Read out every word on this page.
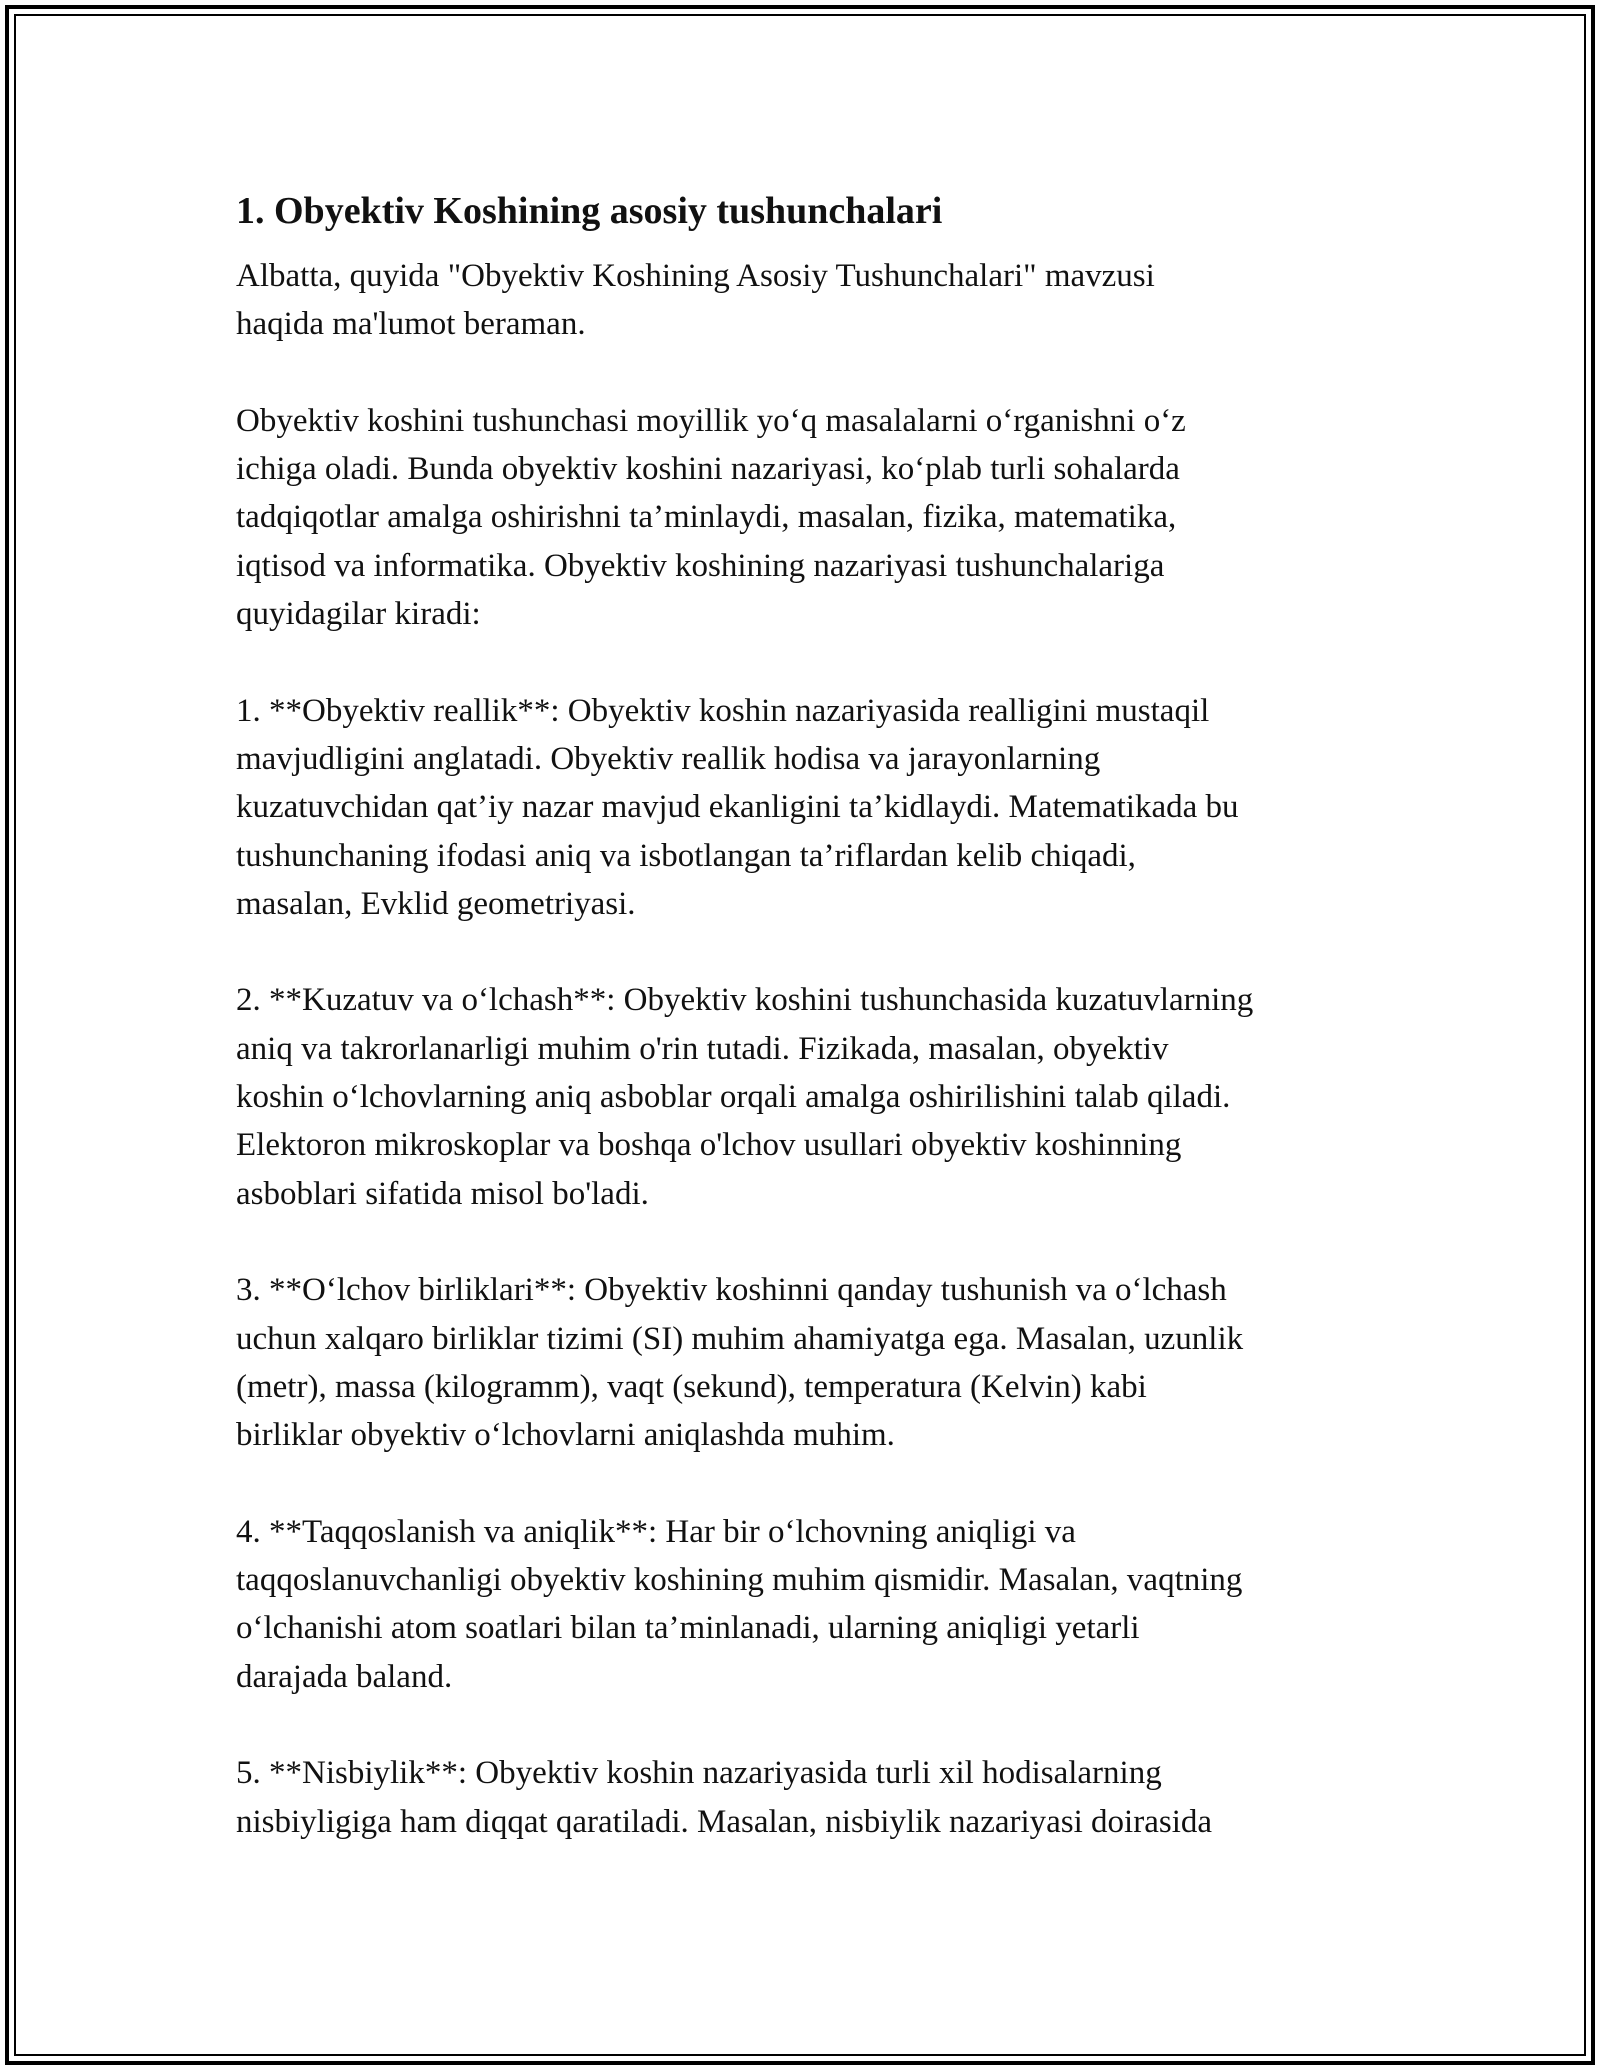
1. Obyektiv Koshining asosiy tushunchalari
Albatta, quyida "Obyektiv Koshining Asosiy Tushunchalari" mavzusi
haqida ma'lumot beraman.
Obyektiv koshini tushunchasi moyillik yo‘q masalalarni o‘rganishni o‘z
ichiga oladi. Bunda obyektiv koshini nazariyasi, ko‘plab turli sohalarda
tadqiqotlar amalga oshirishni ta’minlaydi, masalan, fizika, matematika,
iqtisod va informatika. Obyektiv koshining nazariyasi tushunchalariga
quyidagilar kiradi:
1. **Obyektiv reallik**: Obyektiv koshin nazariyasida realligini mustaqil
mavjudligini anglatadi. Obyektiv reallik hodisa va jarayonlarning
kuzatuvchidan qat’iy nazar mavjud ekanligini ta’kidlaydi. Matematikada bu
tushunchaning ifodasi aniq va isbotlangan ta’riflardan kelib chiqadi,
masalan, Evklid geometriyasi.
2. **Kuzatuv va o‘lchash**: Obyektiv koshini tushunchasida kuzatuvlarning
aniq va takrorlanarligi muhim o'rin tutadi. Fizikada, masalan, obyektiv
koshin o‘lchovlarning aniq asboblar orqali amalga oshirilishini talab qiladi.
Elektoron mikroskoplar va boshqa o'lchov usullari obyektiv koshinning
asboblari sifatida misol bo'ladi.
3. **O‘lchov birliklari**: Obyektiv koshinni qanday tushunish va o‘lchash
uchun xalqaro birliklar tizimi (SI) muhim ahamiyatga ega. Masalan, uzunlik
(metr), massa (kilogramm), vaqt (sekund), temperatura (Kelvin) kabi
birliklar obyektiv o‘lchovlarni aniqlashda muhim.
4. **Taqqoslanish va aniqlik**: Har bir o‘lchovning aniqligi va
taqqoslanuvchanligi obyektiv koshining muhim qismidir. Masalan, vaqtning
o‘lchanishi atom soatlari bilan ta’minlanadi, ularning aniqligi yetarli
darajada baland.
5. **Nisbiylik**: Obyektiv koshin nazariyasida turli xil hodisalarning
nisbiyligiga ham diqqat qaratiladi. Masalan, nisbiylik nazariyasi doirasida
